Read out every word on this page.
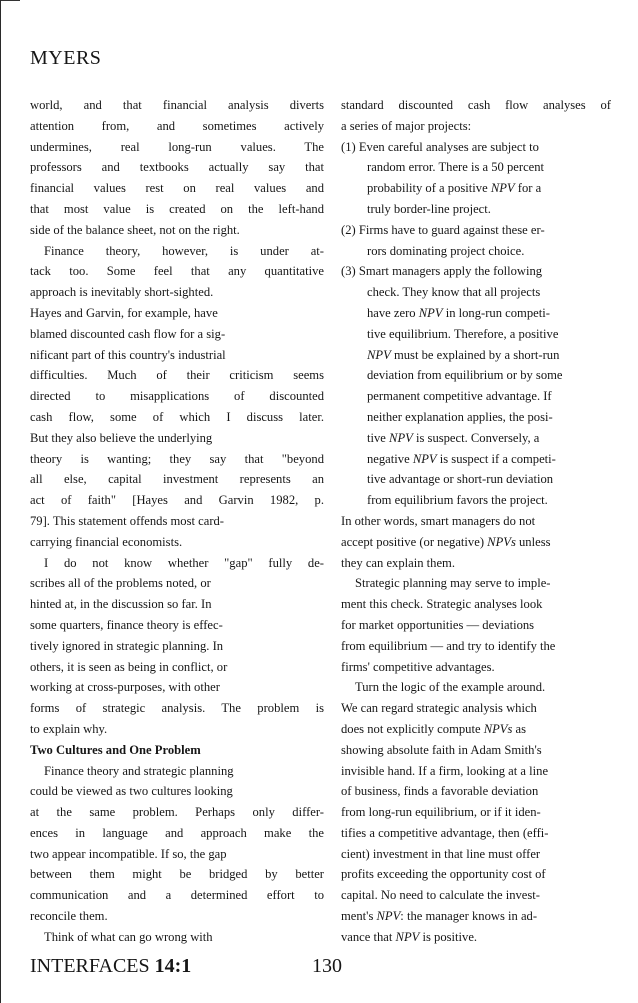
MYERS
world, and that financial analysis diverts
attention from, and sometimes actively
undermines, real long-run values. The
professors and textbooks actually say that
financial values rest on real values and
that most value is created on the left-hand
side of the balance sheet, not on the right.
Finance theory, however, is under at-
tack too. Some feel that any quantitative
approach is inevitably short-sighted.
Hayes and Garvin, for example, have
blamed discounted cash flow for a sig-
nificant part of this country's industrial
difficulties. Much of their criticism seems
directed to misapplications of discounted
cash flow, some of which I discuss later.
But they also believe the underlying
theory is wanting; they say that "beyond
all else, capital investment represents an
act of faith" [Hayes and Garvin 1982, p.
79]. This statement offends most card-
carrying financial economists.
I do not know whether "gap" fully de-
scribes all of the problems noted, or
hinted at, in the discussion so far. In
some quarters, finance theory is effec-
tively ignored in strategic planning. In
others, it is seen as being in conflict, or
working at cross-purposes, with other
forms of strategic analysis. The problem is
to explain why.
Two Cultures and One Problem
Finance theory and strategic planning
could be viewed as two cultures looking
at the same problem. Perhaps only differ-
ences in language and approach make the
two appear incompatible. If so, the gap
between them might be bridged by better
communication and a determined effort to
reconcile them.
Think of what can go wrong with
standard discounted cash flow analyses of
a series of major projects:
(1) Even careful analyses are subject to
random error. There is a 50 percent
probability of a positive NPV for a
truly border-line project.
(2) Firms have to guard against these er-
rors dominating project choice.
(3) Smart managers apply the following
check. They know that all projects
have zero NPV in long-run competi-
tive equilibrium. Therefore, a positive
NPV must be explained by a short-run
deviation from equilibrium or by some
permanent competitive advantage. If
neither explanation applies, the posi-
tive NPV is suspect. Conversely, a
negative NPV is suspect if a competi-
tive advantage or short-run deviation
from equilibrium favors the project.
In other words, smart managers do not
accept positive (or negative) NPVs unless
they can explain them.
Strategic planning may serve to imple-
ment this check. Strategic analyses look
for market opportunities — deviations
from equilibrium — and try to identify the
firms' competitive advantages.
Turn the logic of the example around.
We can regard strategic analysis which
does not explicitly compute NPVs as
showing absolute faith in Adam Smith's
invisible hand. If a firm, looking at a line
of business, finds a favorable deviation
from long-run equilibrium, or if it iden-
tifies a competitive advantage, then (effi-
cient) investment in that line must offer
profits exceeding the opportunity cost of
capital. No need to calculate the invest-
ment's NPV: the manager knows in ad-
vance that NPV is positive.
INTERFACES 14:1	130
